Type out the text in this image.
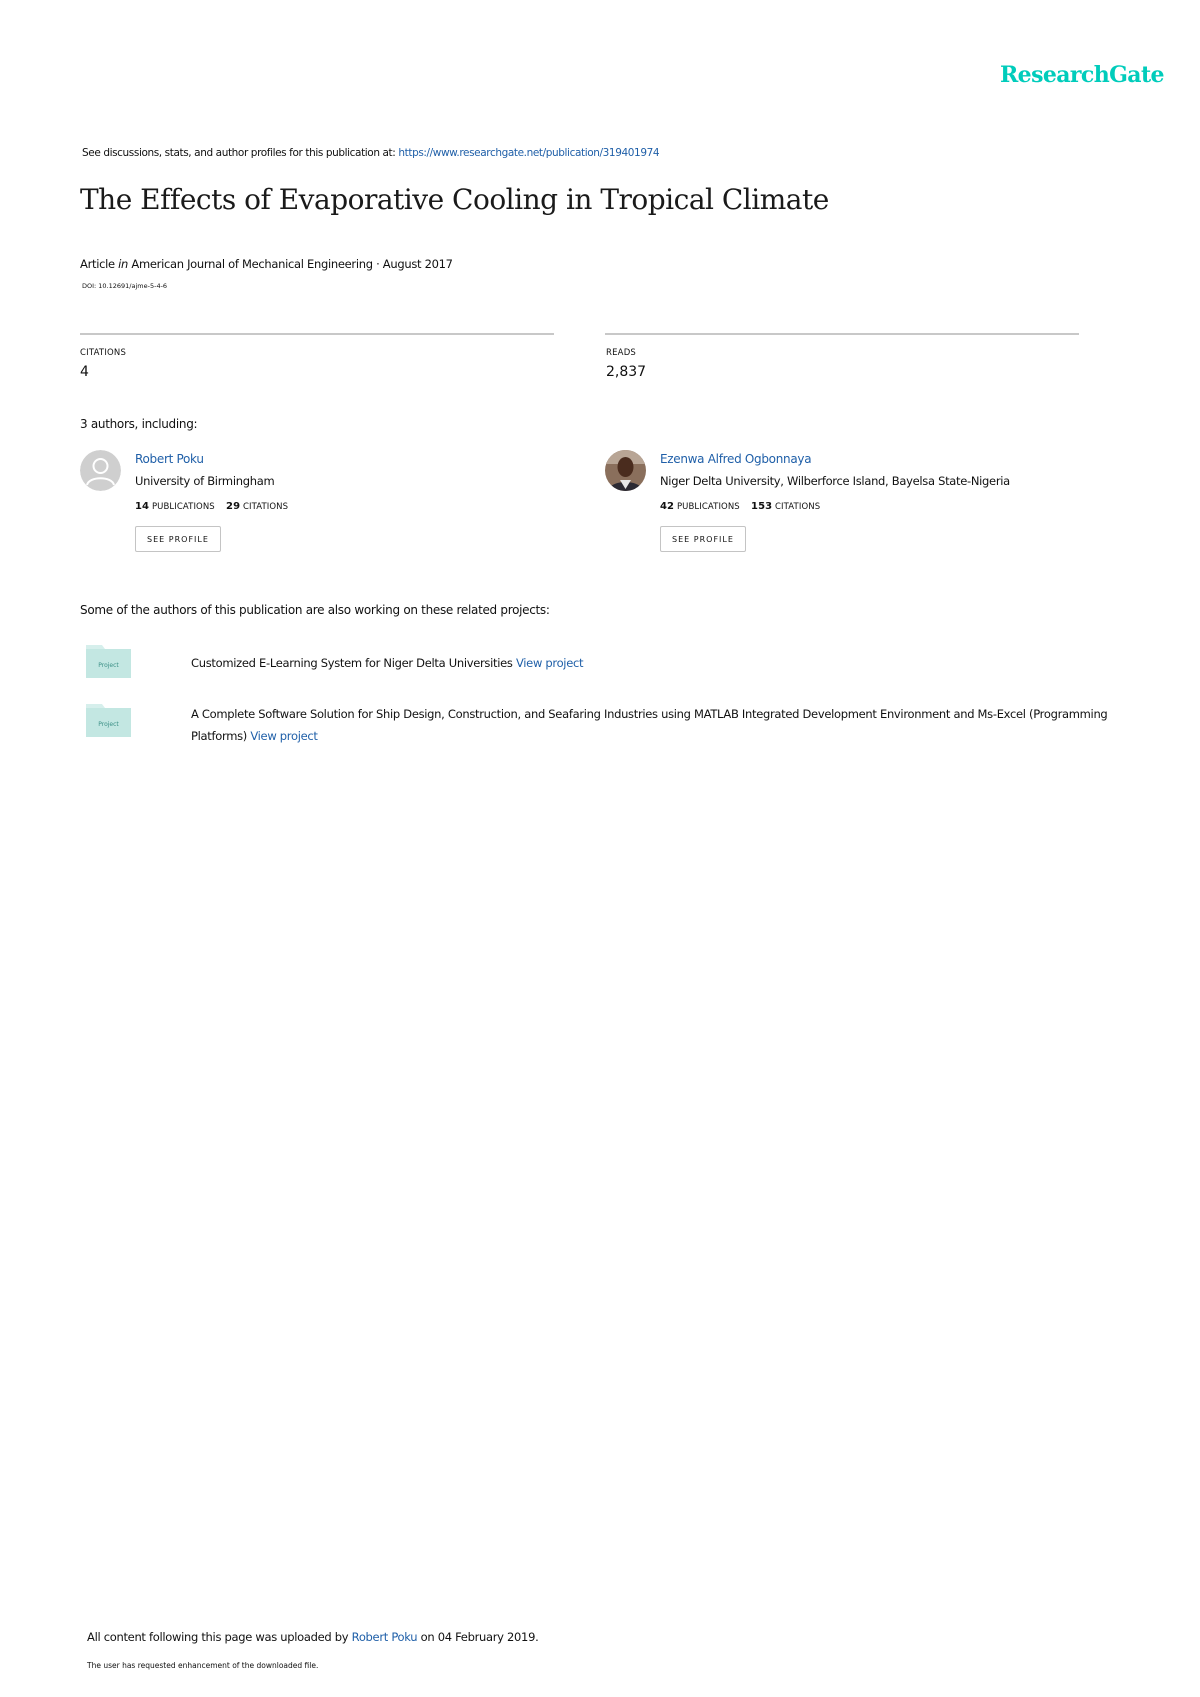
ResearchGate
See discussions, stats, and author profiles for this publication at: https://www.researchgate.net/publication/319401974
The Effects of Evaporative Cooling in Tropical Climate
Article in American Journal of Mechanical Engineering · August 2017
DOI: 10.12691/ajme-5-4-6
CITATIONS
4
READS
2,837
3 authors, including:
Robert Poku
University of Birmingham
14 PUBLICATIONS 29 CITATIONS
SEE PROFILE
Ezenwa Alfred Ogbonnaya
Niger Delta University, Wilberforce Island, Bayelsa State-Nigeria
42 PUBLICATIONS 153 CITATIONS
SEE PROFILE
Some of the authors of this publication are also working on these related projects:
Project	Customized E-Learning System for Niger Delta Universities View project
Project
A Complete Software Solution for Ship Design, Construction, and Seafaring Industries using MATLAB Integrated Development Environment and Ms-Excel (Programming Platforms) View project
All content following this page was uploaded by Robert Poku on 04 February 2019.
The user has requested enhancement of the downloaded file.
